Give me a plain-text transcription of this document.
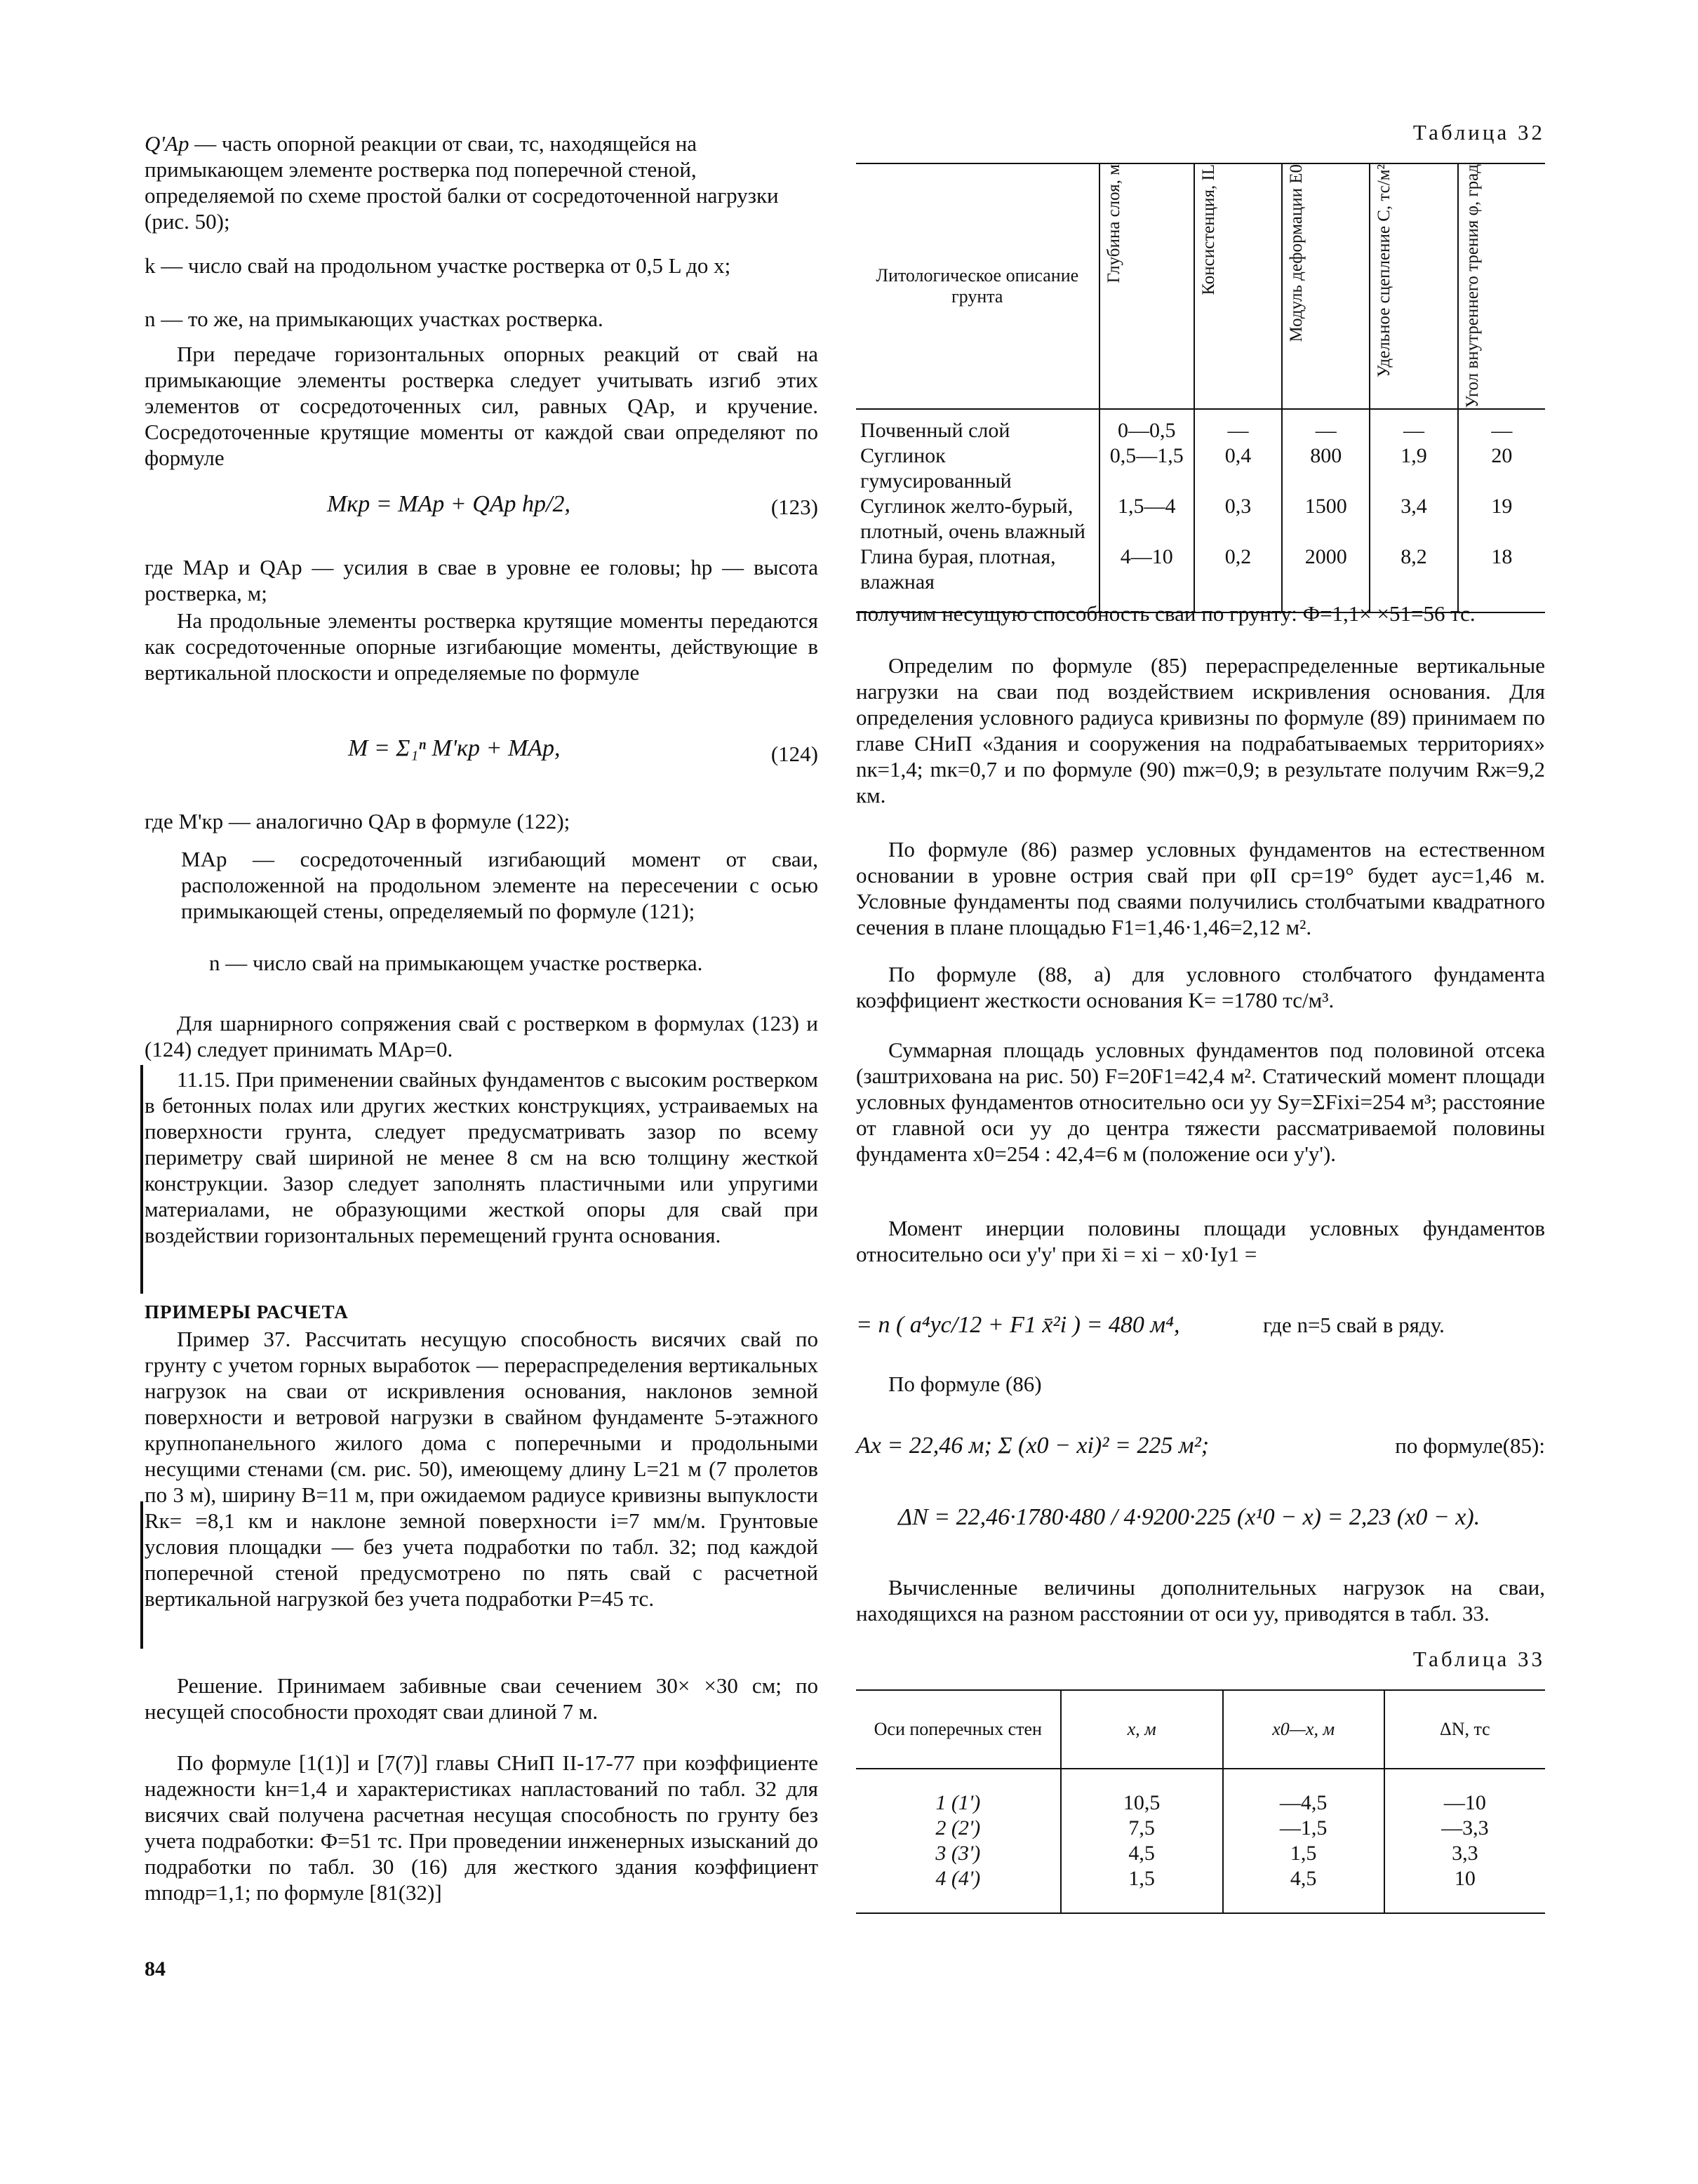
Q'Ар — часть опорной реакции от сваи, тс, находящейся на примыкающем элементе ростверка под поперечной стеной, определяемой по схеме простой балки от сосредоточенной нагрузки (рис. 50);

k — число свай на продольном участке ростверка от 0,5 L до x;

n — то же, на примыкающих участках ростверка.

При передаче горизонтальных опорных реакций от свай на примыкающие элементы ростверка следует учитывать изгиб этих элементов от сосредоточенных сил, равных QАр, и кручение. Сосредоточенные крутящие моменты от каждой сваи определяют по формуле

Mкр = MАр + QАр hр/2,	(123)

где MАр и QАр — усилия в свае в уровне ее головы; hр — высота ростверка, м;

На продольные элементы ростверка крутящие моменты передаются как сосредоточенные опорные изгибающие моменты, действующие в вертикальной плоскости и определяемые по формуле

M = Σ₁ⁿ M'кр + MАр,	(124)

где M'кр — аналогично QАр в формуле (122);

MАр — сосредоточенный изгибающий момент от сваи, расположенной на продольном элементе на пересечении с осью примыкающей стены, определяемый по формуле (121);

n — число свай на примыкающем участке ростверка.

Для шарнирного сопряжения свай с ростверком в формулах (123) и (124) следует принимать MАр=0.

11.15. При применении свайных фундаментов с высоким ростверком в бетонных полах или других жестких конструкциях, устраиваемых на поверхности грунта, следует предусматривать зазор по всему периметру свай шириной не менее 8 см на всю толщину жесткой конструкции. Зазор следует заполнять пластичными или упругими материалами, не образующими жесткой опоры для свай при воздействии горизонтальных перемещений грунта основания.

ПРИМЕРЫ РАСЧЕТА

Пример 37. Рассчитать несущую способность висячих свай по грунту с учетом горных выработок — перераспределения вертикальных нагрузок на сваи от искривления основания, наклонов земной поверхности и ветровой нагрузки в свайном фундаменте 5-этажного крупнопанельного жилого дома с поперечными и продольными несущими стенами (см. рис. 50), имеющему длину L=21 м (7 пролетов по 3 м), ширину B=11 м, при ожидаемом радиусе кривизны выпуклости Rк= =8,1 км и наклоне земной поверхности i=7 мм/м. Грунтовые условия площадки — без учета подработки по табл. 32; под каждой поперечной стеной предусмотрено по пять свай с расчетной вертикальной нагрузкой без учета подработки P=45 тс.

Решение. Принимаем забивные сваи сечением 30× ×30 см; по несущей способности проходят сваи длиной 7 м.

По формуле [1(1)] и [7(7)] главы СНиП II-17-77 при коэффициенте надежности kн=1,4 и характеристиках напластований по табл. 32 для висячих свай получена расчетная несущая способность по грунту без учета подработки: Ф=51 тс. При проведении инженерных изысканий до подработки по табл. 30 (16) для жесткого здания коэффициент mподр=1,1; по формуле [81(32)]

Таблица 32
Литологическое описание грунта	Глубина слоя, м	Консистенция, IL	Модуль деформации E0	Удельное сцепление C, тс/м²	Угол внутреннего трения φ, град

Почвенный слой	0—0,5	—	—	—	—
Суглинок гумусированный	0,5—1,5	0,4	800	1,9	20
Суглинок желто-бурый, плотный, очень влажный	1,5—4	0,3	1500	3,4	19
Глина бурая, плотная, влажная	4—10	0,2	2000	8,2	18

получим несущую способность сваи по грунту: Ф=1,1× ×51=56 тс.

Определим по формуле (85) перераспределенные вертикальные нагрузки на сваи под воздействием искривления основания. Для определения условного радиуса кривизны по формуле (89) принимаем по главе СНиП «Здания и сооружения на подрабатываемых территориях» nк=1,4; mк=0,7 и по формуле (90) mж=0,9; в результате получим Rж=9,2 км.

По формуле (86) размер условных фундаментов на естественном основании в уровне острия свай при φII ср=19° будет aус=1,46 м. Условные фундаменты под сваями получились столбчатыми квадратного сечения в плане площадью F1=1,46·1,46=2,12 м².

По формуле (88, а) для условного столбчатого фундамента коэффициент жесткости основания K= =1780 тс/м³.

Суммарная площадь условных фундаментов под половиной отсека (заштрихована на рис. 50) F=20F1=42,4 м². Статический момент площади условных фундаментов относительно оси yy Sy=ΣFixi=254 м³; расстояние от главной оси yy до центра тяжести рассматриваемой половины фундамента x0=254 : 42,4=6 м (положение оси y'y').

Момент инерции половины площади условных фундаментов относительно оси y'y' при x̄i = xi − x0·Iy1 =

= n ( a⁴ус/12 + F1 x̄²i ) = 480 м⁴,	где n=5 свай в ряду.

По формуле (86)

Ax = 22,46 м; Σ (x0 − xi)² = 225 м²;	по формуле(85):
ΔN = 22,46·1780·480 / 4·9200·225 (x¹0 − x) = 2,23 (x0 − x).

Вычисленные величины дополнительных нагрузок на сваи, находящихся на разном расстоянии от оси yy, приводятся в табл. 33.

Таблица 33
Оси поперечных стен	x, м	x0—x, м	ΔN, тс
1 (1')	10,5	—4,5	—10
2 (2')	7,5	—1,5	—3,3
3 (3')	4,5	1,5	3,3
4 (4')	1,5	4,5	10
84
